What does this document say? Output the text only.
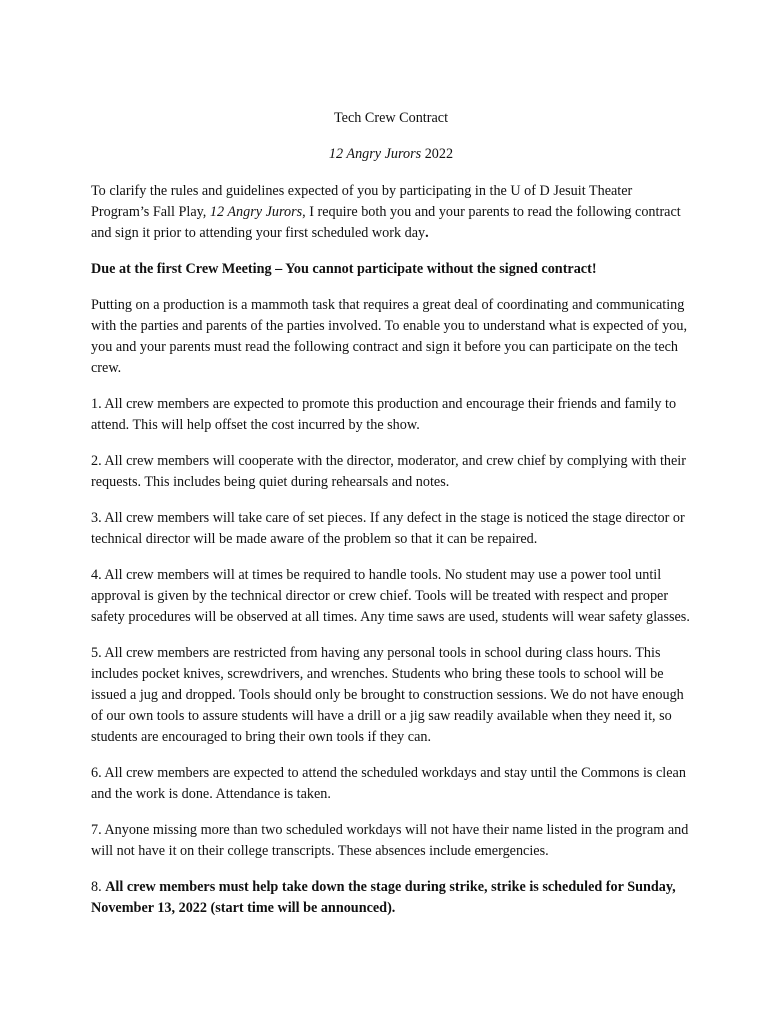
Tech Crew Contract

12 Angry Jurors 2022

To clarify the rules and guidelines expected of you by participating in the U of D Jesuit Theater Program’s Fall Play, 12 Angry Jurors, I require both you and your parents to read the following contract and sign it prior to attending your first scheduled work day.

Due at the first Crew Meeting – You cannot participate without the signed contract!

Putting on a production is a mammoth task that requires a great deal of coordinating and communicating with the parties and parents of the parties involved. To enable you to understand what is expected of you, you and your parents must read the following contract and sign it before you can participate on the tech crew.

1. All crew members are expected to promote this production and encourage their friends and family to attend. This will help offset the cost incurred by the show.

2. All crew members will cooperate with the director, moderator, and crew chief by complying with their requests. This includes being quiet during rehearsals and notes.

3. All crew members will take care of set pieces. If any defect in the stage is noticed the stage director or technical director will be made aware of the problem so that it can be repaired.

4. All crew members will at times be required to handle tools. No student may use a power tool until approval is given by the technical director or crew chief. Tools will be treated with respect and proper safety procedures will be observed at all times. Any time saws are used, students will wear safety glasses.

5. All crew members are restricted from having any personal tools in school during class hours. This includes pocket knives, screwdrivers, and wrenches. Students who bring these tools to school will be issued a jug and dropped. Tools should only be brought to construction sessions. We do not have enough of our own tools to assure students will have a drill or a jig saw readily available when they need it, so students are encouraged to bring their own tools if they can.

6. All crew members are expected to attend the scheduled workdays and stay until the Commons is clean and the work is done. Attendance is taken.

7. Anyone missing more than two scheduled workdays will not have their name listed in the program and will not have it on their college transcripts. These absences include emergencies.

8. All crew members must help take down the stage during strike, strike is scheduled for Sunday, November 13, 2022 (start time will be announced).
